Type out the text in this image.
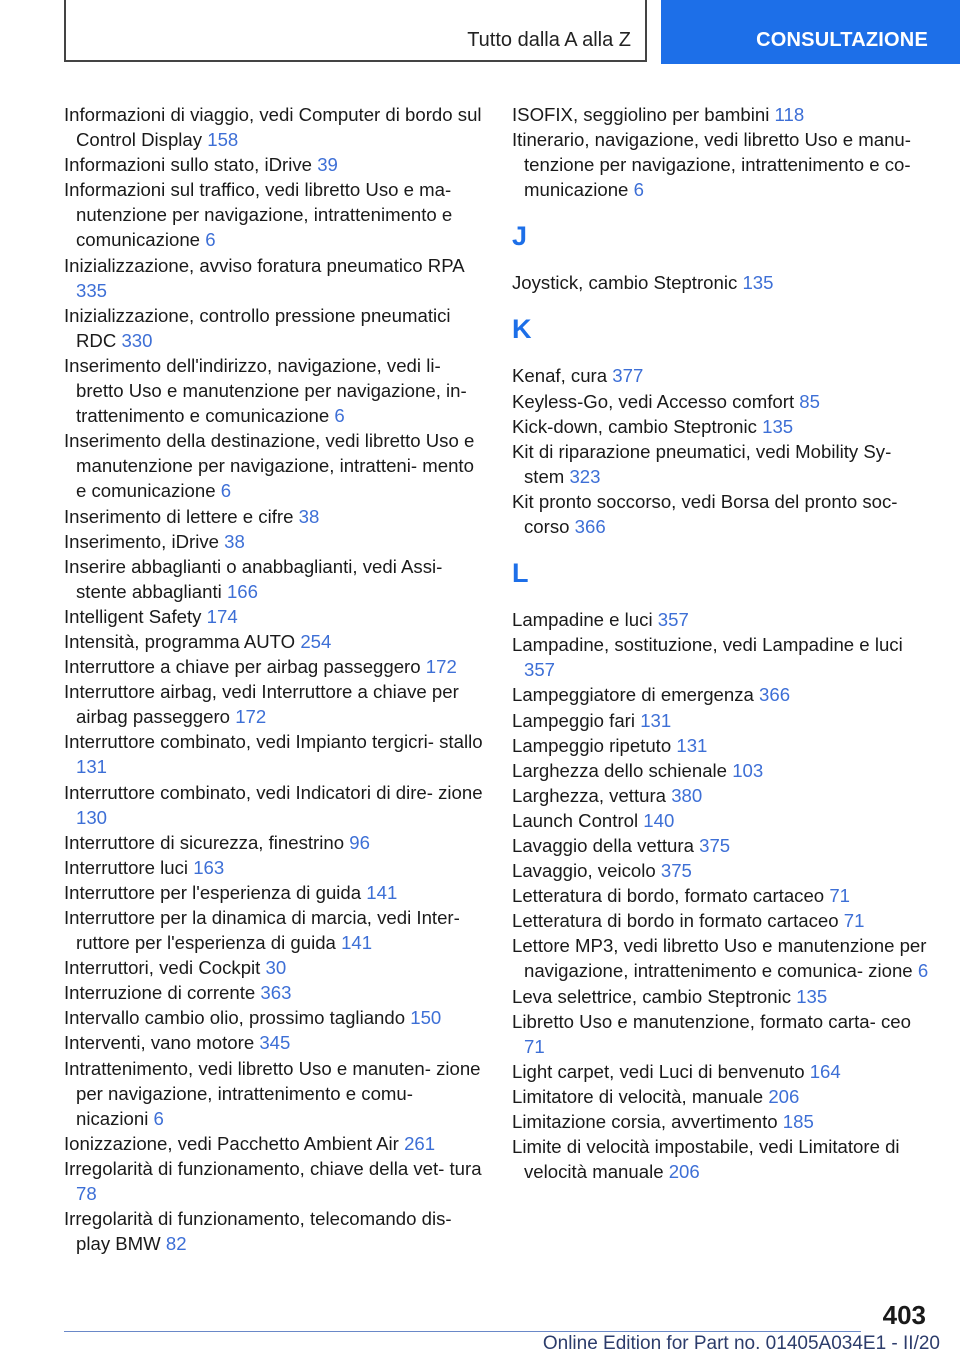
Tutto dalla A alla Z	CONSULTAZIONE
Informazioni di viaggio, vedi Computer di bordo sul Control Display 158
Informazioni sullo stato, iDrive 39
Informazioni sul traffico, vedi libretto Uso e ma- nutenzione per navigazione, intrattenimento e comunicazione 6
Inizializzazione, avviso foratura pneumatico RPA 335
Inizializzazione, controllo pressione pneumatici RDC 330
Inserimento dell'indirizzo, navigazione, vedi li- bretto Uso e manutenzione per navigazione, in- trattenimento e comunicazione 6
Inserimento della destinazione, vedi libretto Uso e manutenzione per navigazione, intratteni- mento e comunicazione 6
Inserimento di lettere e cifre 38
Inserimento, iDrive 38
Inserire abbaglianti o anabbaglianti, vedi Assi- stente abbaglianti 166
Intelligent Safety 174
Intensità, programma AUTO 254
Interruttore a chiave per airbag passeggero 172
Interruttore airbag, vedi Interruttore a chiave per airbag passeggero 172
Interruttore combinato, vedi Impianto tergicri- stallo 131
Interruttore combinato, vedi Indicatori di dire- zione 130
Interruttore di sicurezza, finestrino 96
Interruttore luci 163
Interruttore per l'esperienza di guida 141
Interruttore per la dinamica di marcia, vedi Inter- ruttore per l'esperienza di guida 141
Interruttori, vedi Cockpit 30
Interruzione di corrente 363
Intervallo cambio olio, prossimo tagliando 150
Interventi, vano motore 345
Intrattenimento, vedi libretto Uso e manuten- zione per navigazione, intrattenimento e comu- nicazioni 6
Ionizzazione, vedi Pacchetto Ambient Air 261
Irregolarità di funzionamento, chiave della vet- tura 78
Irregolarità di funzionamento, telecomando dis- play BMW 82
ISOFIX, seggiolino per bambini 118
Itinerario, navigazione, vedi libretto Uso e manu- tenzione per navigazione, intrattenimento e co- municazione 6
J
Joystick, cambio Steptronic 135
K
Kenaf, cura 377
Keyless-Go, vedi Accesso comfort 85
Kick-down, cambio Steptronic 135
Kit di riparazione pneumatici, vedi Mobility Sy- stem 323
Kit pronto soccorso, vedi Borsa del pronto soc- corso 366
L
Lampadine e luci 357
Lampadine, sostituzione, vedi Lampadine e luci 357
Lampeggiatore di emergenza 366
Lampeggio fari 131
Lampeggio ripetuto 131
Larghezza dello schienale 103
Larghezza, vettura 380
Launch Control 140
Lavaggio della vettura 375
Lavaggio, veicolo 375
Letteratura di bordo, formato cartaceo 71
Letteratura di bordo in formato cartaceo 71
Lettore MP3, vedi libretto Uso e manutenzione per navigazione, intrattenimento e comunica- zione 6
Leva selettrice, cambio Steptronic 135
Libretto Uso e manutenzione, formato carta- ceo 71
Light carpet, vedi Luci di benvenuto 164
Limitatore di velocità, manuale 206
Limitazione corsia, avvertimento 185
Limite di velocità impostabile, vedi Limitatore di velocità manuale 206
403
Online Edition for Part no. 01405A034E1 - II/20
